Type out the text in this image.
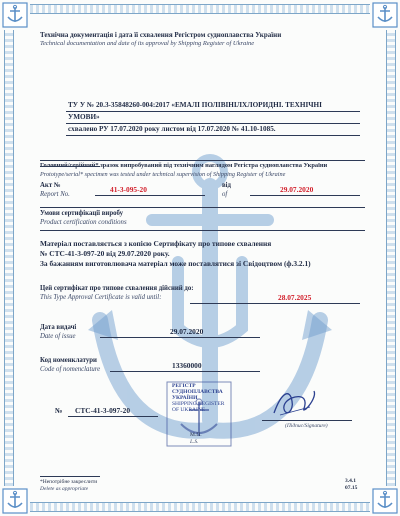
Технічна документація і дата її схвалення Регістром судноплавства України
Technical documentation and date of its approval by Shipping Register of Ukraine
ТУ У № 20.3-35848260-004:2017 «ЕМАЛІ ПОЛІВІНІЛХЛОРИДНІ. ТЕХНІЧНІ
УМОВИ»
схвалено РУ 17.07.2020 року листом від 17.07.2020 № 41.10-1085.
Головний/серійний* зразок випробуваний під технічним наглядом Регістра судноплавства України
Prototype/serial* specimen was tested under technical supervision of Shipping Register of Ukraine
Акт №
Report No.
41-3-095-20	від
of
29.07.2020
Умови сертифікації виробу
Product certification conditions
Матеріал поставляється з копією Сертифікату про типове схвалення
№ СТС-41-3-097-20 від 29.07.2020 року.
За бажанням виготовлювача матеріал може поставлятися зі Свідоцтвом (ф.3.2.1)
Цей сертифікат про типове схвалення дійсний до:
This Type Approval Certificate is valid until:	28.07.2025
Дата видачі
Date of issue
29.07.2020
Код номенклатури
Code of nomenclature	13360000
№ СТС-41-3-097-20
РЕГІСТР
СУДНОПЛАВСТВА
УКРАЇНИ
SHIPPING REGISTER
OF UKRAINE
М.П.
L.S.
(Підпис/Signature)
*Непотрібне закреслити
Delete as appropriate
3.4.1
07.15
